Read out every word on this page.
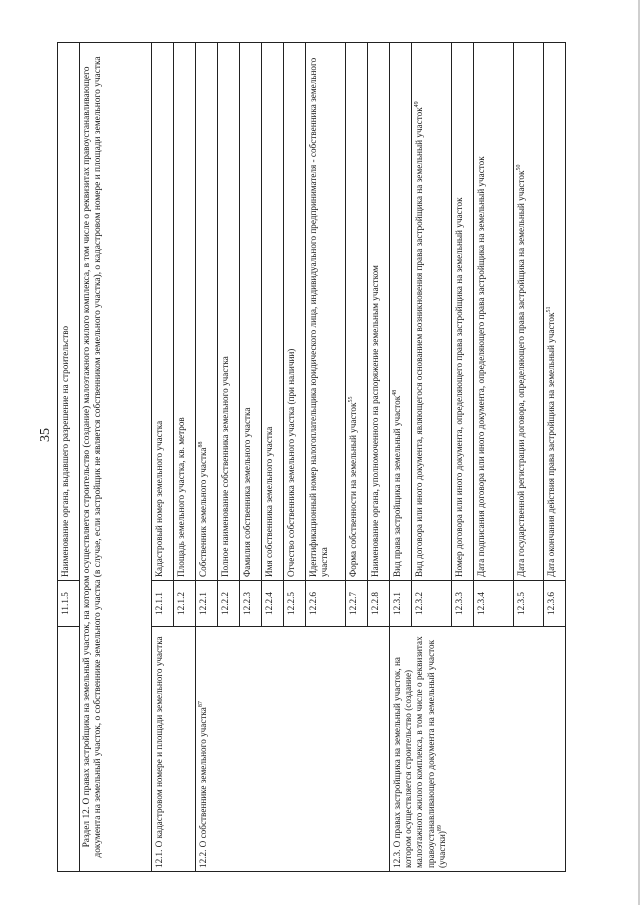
35
	11.1.5	Наименование органа, выдавшего разрешение на строительство
Раздел 12. О правах застройщика на земельный участок, на котором осуществляется строительство (создание) малоэтажного жилого комплекса, в том числе о реквизитах правоустанавливающего документа на земельный участок, о собственнике земельного участка (в случае, если застройщик не является собственником земельного участка), о кадастровом номере и площади земельного участка		
12.1. О кадастровом номере и площади земельного участка	12.1.1	Кадастровый номер земельного участка
	12.1.2	Площадь земельного участка, кв. метров
12.2. О собственнике земельного участка$^{87}$	12.2.1	Собственник земельного участка$^{88}$
	12.2.2	Полное наименование собственника земельного участка
	12.2.3	Фамилия собственника земельного участка
	12.2.4	Имя собственника земельного участка
	12.2.5	Отчество собственника земельного участка (при наличии)
	12.2.6	Идентификационный номер налогоплательщика юридического лица, индивидуального предпринимателя - собственника земельного участка
	12.2.7	Форма собственности на земельный участок$^{55}$
	12.2.8	Наименование органа, уполномоченного на распоряжение земельным участком
12.3. О правах застройщика на земельный участок, на котором осуществляется строительство (создание) малоэтажного жилого комплекса, в том числе о реквизитах правоустанавливающего документа на земельный участок (участки)$^{89}$	12.3.1	Вид права застройщика на земельный участок$^{48}$
	12.3.2	Вид договора или иного документа, являющегося основанием возникновения права застройщика на земельный участок$^{49}$
	12.3.3	Номер договора или иного документа, определяющего права застройщика на земельный участок
	12.3.4	Дата подписания договора или иного документа, определяющего права застройщика на земельный участок
	12.3.5	Дата государственной регистрации договора, определяющего права застройщика на земельный участок$^{50}$
	12.3.6	Дата окончания действия права застройщика на земельный участок$^{51}$
